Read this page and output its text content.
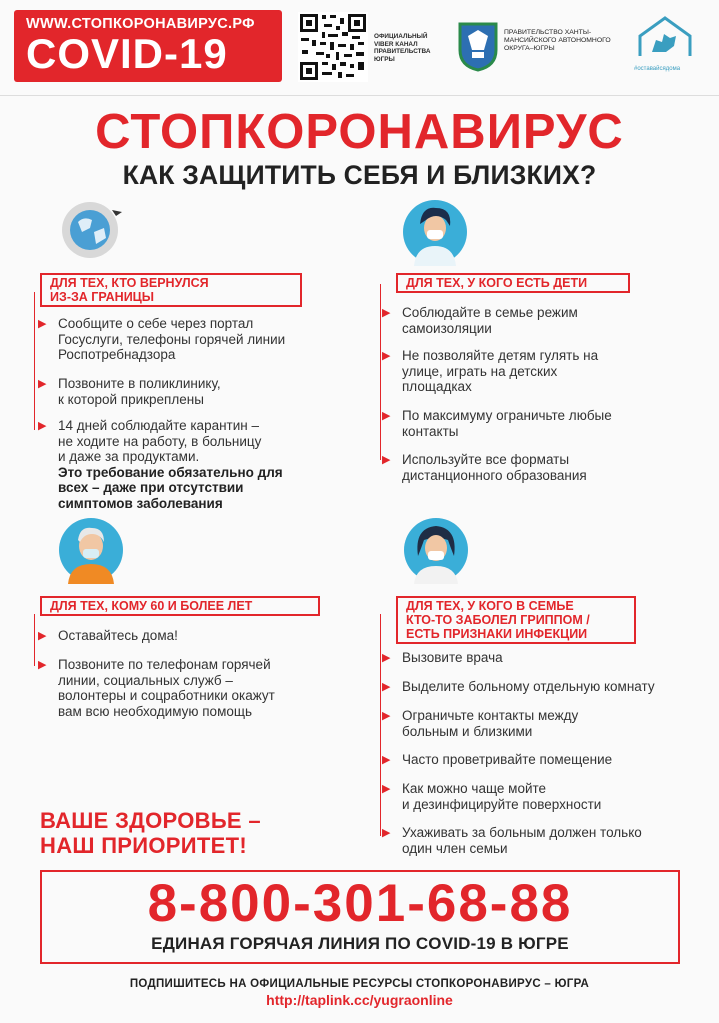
WWW.СТОПКОРОНАВИРУС.РФ
COVID-19	ОФИЦИАЛЬНЫЙ VIBER КАНАЛ ПРАВИТЕЛЬСТВА ЮГРЫ
ПРАВИТЕЛЬСТВО ХАНТЫ-МАНСИЙСКОГО АВТОНОМНОГО ОКРУГА–ЮГРЫ
#оставайсядома
СТОПКОРОНАВИРУС
КАК ЗАЩИТИТЬ СЕБЯ И БЛИЗКИХ?
ДЛЯ ТЕХ, КТО ВЕРНУЛСЯ
ИЗ-ЗА ГРАНИЦЫ
▶ Сообщите о себе через портал
Госуслуги, телефоны горячей линии
Роспотребнадзора
▶ Позвоните в поликлинику,
к которой прикреплены
▶ 14 дней соблюдайте карантин –
не ходите на работу, в больницу
и даже за продуктами.
Это требование обязательно для
всех – даже при отсутствии
симптомов заболевания
ДЛЯ ТЕХ, У КОГО ЕСТЬ ДЕТИ
▶ Соблюдайте в семье режим
самоизоляции
▶ Не позволяйте детям гулять на
улице, играть на детских
площадках
▶ По максимуму ограничьте любые
контакты
▶ Используйте все форматы
дистанционного образования
ДЛЯ ТЕХ, КОМУ 60 И БОЛЕЕ ЛЕТ
▶ Оставайтесь дома!
▶ Позвоните по телефонам горячей
линии, социальных служб –
волонтеры и соцработники окажут
вам всю необходимую помощь
ДЛЯ ТЕХ, У КОГО В СЕМЬЕ
КТО-ТО ЗАБОЛЕЛ ГРИППОМ /
ЕСТЬ ПРИЗНАКИ ИНФЕКЦИИ
▶ Вызовите врача
▶ Выделите больному отдельную комнату
▶ Ограничьте контакты между
больным и близкими
▶ Часто проветривайте помещение
▶ Как можно чаще мойте
и дезинфицируйте поверхности
▶ Ухаживать за больным должен только
один член семьи
ВАШЕ ЗДОРОВЬЕ –
НАШ ПРИОРИТЕТ!
8-800-301-68-88
ЕДИНАЯ ГОРЯЧАЯ ЛИНИЯ ПО COVID-19 В ЮГРЕ
ПОДПИШИТЕСЬ НА ОФИЦИАЛЬНЫЕ РЕСУРСЫ СТОПКОРОНАВИРУС – ЮГРА
http://taplink.cc/yugraonline
